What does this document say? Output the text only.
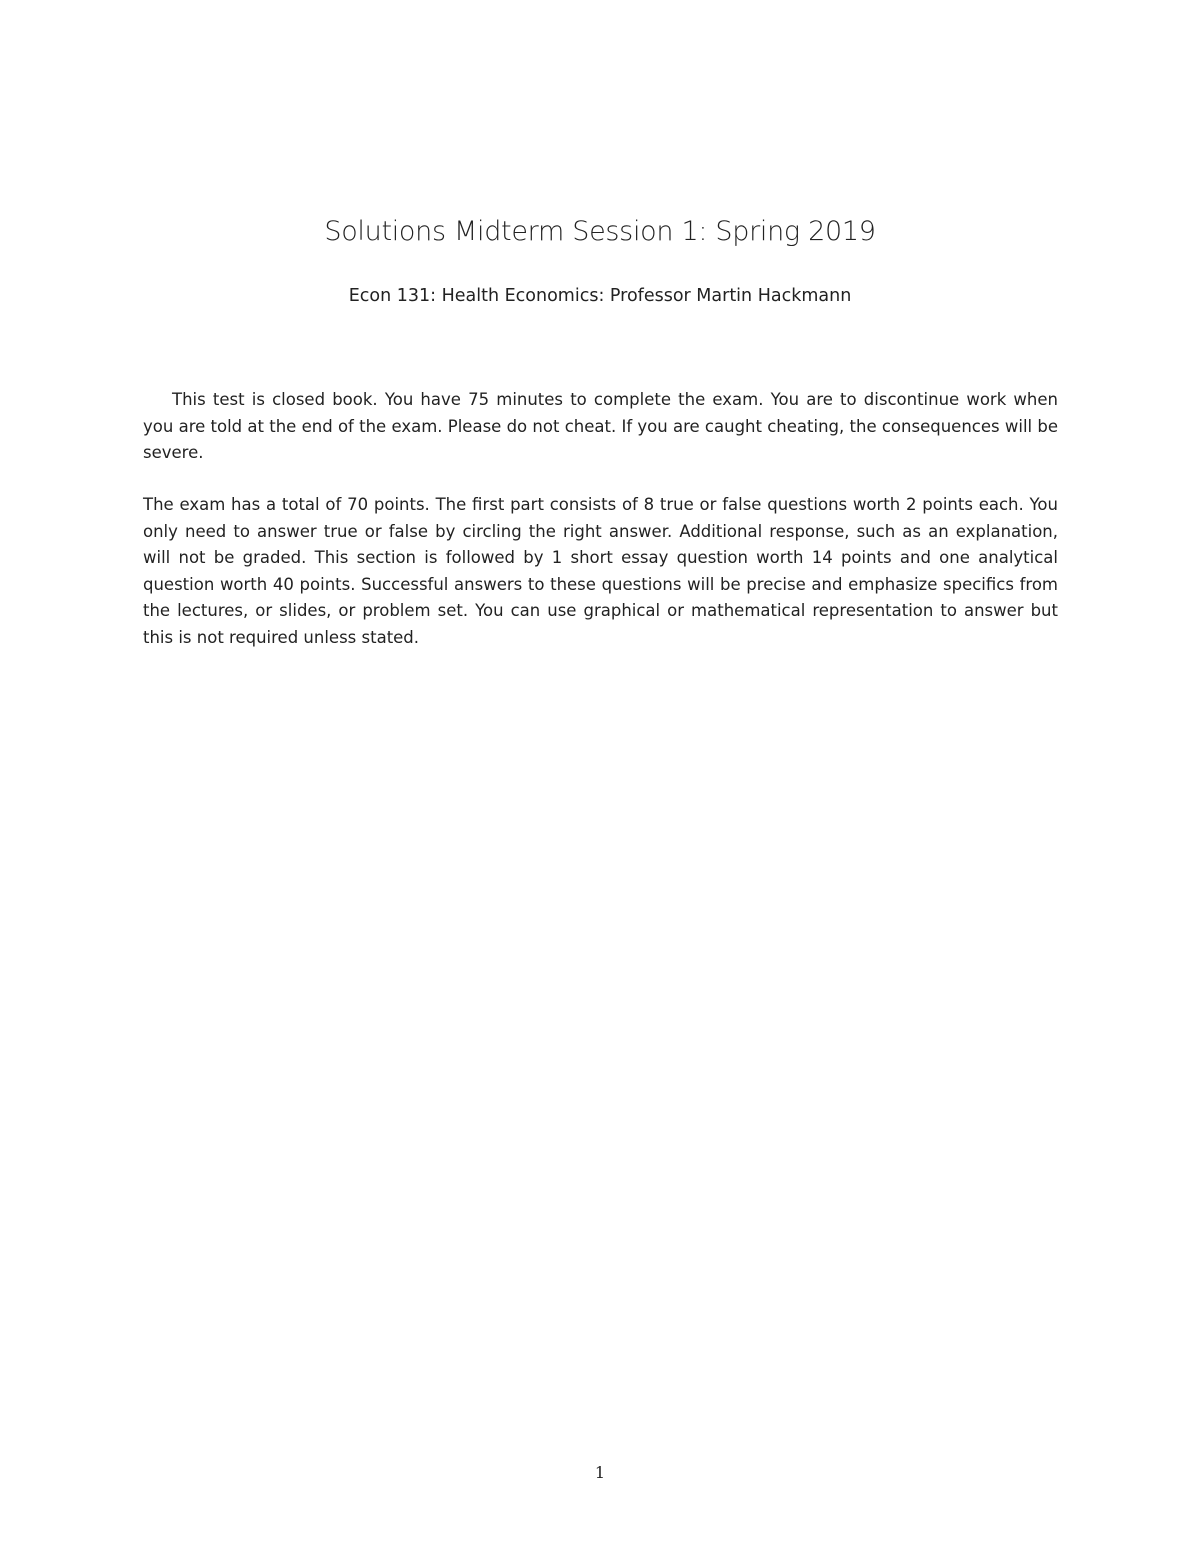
Solutions Midterm Session 1: Spring 2019
Econ 131: Health Economics: Professor Martin Hackmann

This test is closed book. You have 75 minutes to complete the exam. You are to discontinue work when you are told at the end of the exam. Please do not cheat. If you are caught cheating, the consequences will be severe.

The exam has a total of 70 points. The first part consists of 8 true or false questions worth 2 points each. You only need to answer true or false by circling the right answer. Additional response, such as an explanation, will not be graded. This section is followed by 1 short essay question worth 14 points and one analytical question worth 40 points. Successful answers to these questions will be precise and emphasize specifics from the lectures, or slides, or problem set. You can use graphical or mathematical representation to answer but this is not required unless stated.

1
